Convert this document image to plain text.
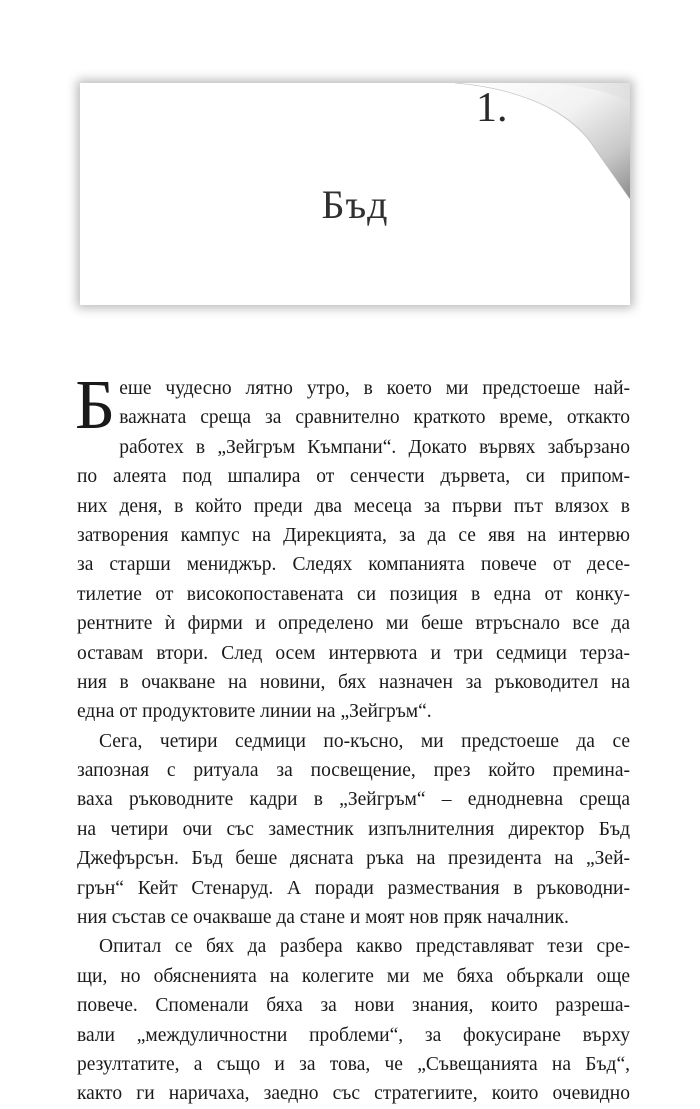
1.
Бъд
Б еше чудесно лятно утро, в което ми предстоеше най-
важната среща за сравнително краткото време, откакто
работех в „Зейгръм Къмпани“. Докато вървях забързано
по алеята под шпалира от сенчести дървета, си припом-
них деня, в който преди два месеца за първи път влязох в
затворения кампус на Дирекцията, за да се явя на интервю
за старши мениджър. Следях компанията повече от десе-
тилетие от високопоставената си позиция в една от конку-
рентните ѝ фирми и определено ми беше втръснало все да
оставам втори. След осем интервюта и три седмици терза-
ния в очакване на новини, бях назначен за ръководител на
една от продуктовите линии на „Зейгръм“.
Сега, четири седмици по-късно, ми предстоеше да се
запозная с ритуала за посвещение, през който премина-
ваха ръководните кадри в „Зейгръм“ – еднодневна среща
на четири очи със заместник изпълнителния директор Бъд
Джефърсън. Бъд беше дясната ръка на президента на „Зей-
грън“ Кейт Стенаруд. А поради размествания в ръководни-
ния състав се очакваше да стане и моят нов пряк началник.
Опитал се бях да разбера какво представляват тези сре-
щи, но обясненията на колегите ми ме бяха объркали още
повече. Споменали бяха за нови знания, които разрешa-
вали „междуличностни проблеми“, за фокусиране върху
резултатите, а също и за това, че „Съвещанията на Бъд“,
както ги наричаха, заедно със стратегиите, които очевидно
